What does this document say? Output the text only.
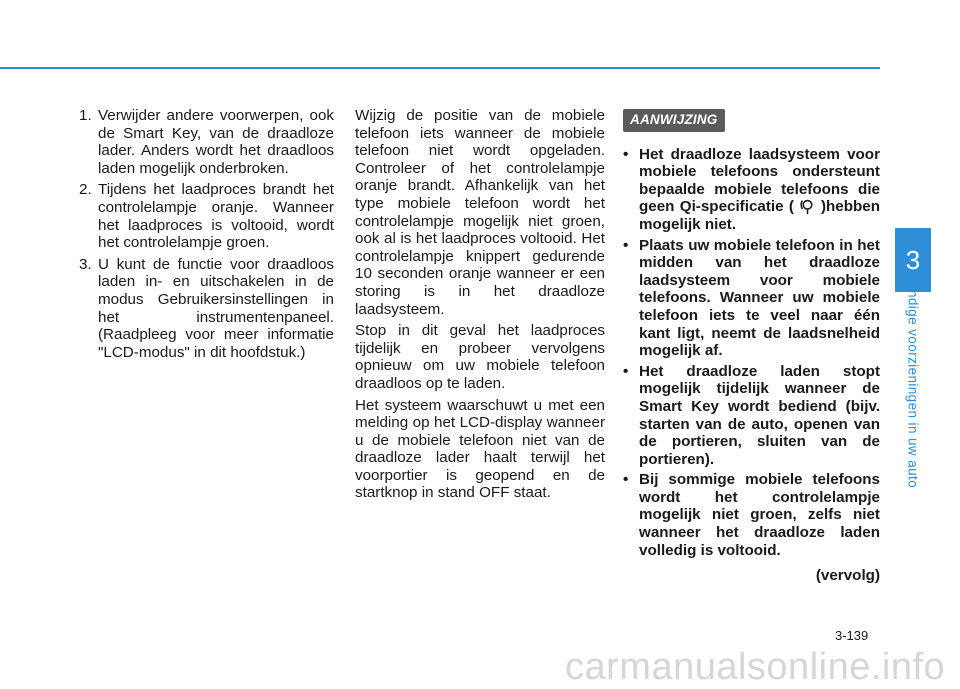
1. Verwijder andere voorwerpen, ook de Smart Key, van de draadloze lader. Anders wordt het draadloos laden mogelijk onderbroken.
2. Tijdens het laadproces brandt het controlelampje oranje. Wanneer het laadproces is voltooid, wordt het controlelampje groen.
3. U kunt de functie voor draadloos laden in- en uitschakelen in de modus Gebruikersinstellingen in het instrumentenpaneel. (Raadpleeg voor meer informatie "LCD-modus" in dit hoofdstuk.)

Wijzig de positie van de mobiele telefoon iets wanneer de mobiele telefoon niet wordt opgeladen. Controleer of het controlelampje oranje brandt. Afhankelijk van het type mobiele telefoon wordt het controlelampje mogelijk niet groen, ook al is het laadproces voltooid. Het controlelampje knippert gedurende 10 seconden oranje wanneer er een storing is in het draadloze laadsysteem.

Stop in dit geval het laadproces tijdelijk en probeer vervolgens opnieuw om uw mobiele telefoon draadloos op te laden.

Het systeem waarschuwt u met een melding op het LCD-display wanneer u de mobiele telefoon niet van de draadloze lader haalt terwijl het voorportier is geopend en de startknop in stand OFF staat.

AANWIJZING
• Het draadloze laadsysteem voor mobiele telefoons ondersteunt bepaalde mobiele telefoons die geen Qi-specificatie ( )hebben mogelijk niet.
• Plaats uw mobiele telefoon in het midden van het draadloze laadsysteem voor mobiele telefoons. Wanneer uw mobiele telefoon iets te veel naar één kant ligt, neemt de laadsnelheid mogelijk af.
• Het draadloze laden stopt mogelijk tijdelijk wanneer de Smart Key wordt bediend (bijv. starten van de auto, openen van de portieren, sluiten van de portieren).
• Bij sommige mobiele telefoons wordt het controlelampje mogelijk niet groen, zelfs niet wanneer het draadloze laden volledig is voltooid.
(vervolg)
3
Handige voorzieningen in uw auto
3-139
carmanualsonline.info
